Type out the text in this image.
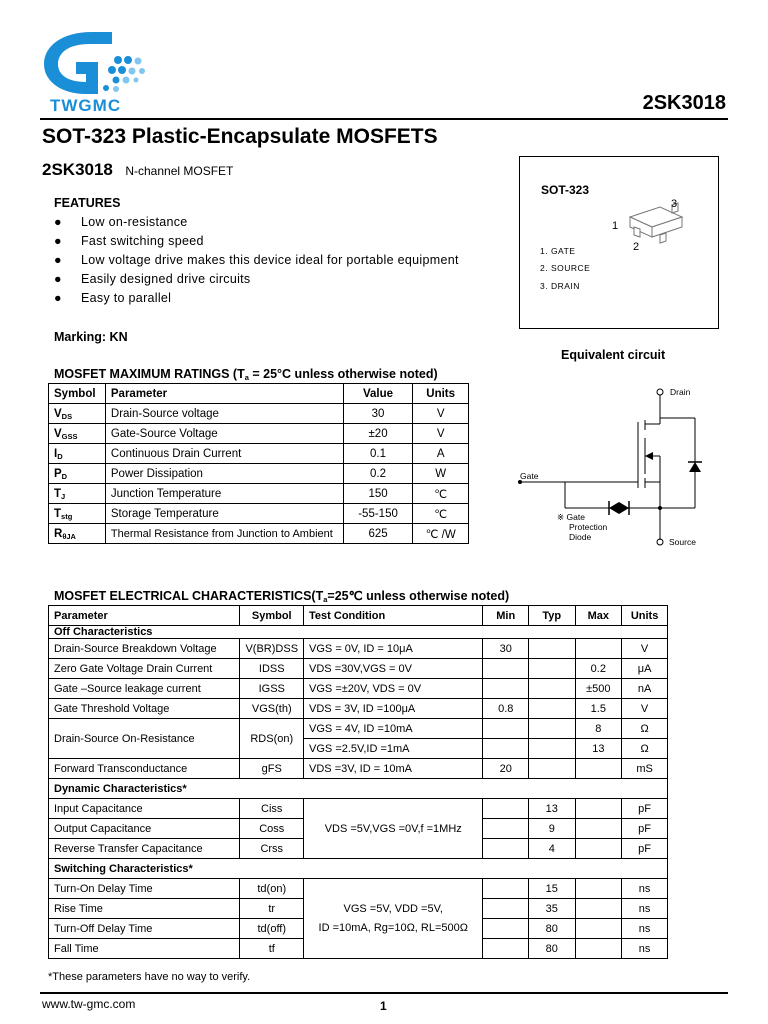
TWGMC	2SK3018
SOT-323 Plastic-Encapsulate MOSFETS
2SK3018 N-channel MOSFET
FEATURES
● Low on-resistance
● Fast switching speed
● Low voltage drive makes this device ideal for portable equipment
● Easily designed drive circuits
● Easy to parallel
Marking: KN
SOT-323
3
1
2
1. GATE
2. SOURCE
3. DRAIN
Equivalent circuit
Drain
Gate
Source
※ Gate
Protection
Diode
MOSFET MAXIMUM RATINGS (Ta = 25°C unless otherwise noted)
Symbol	Parameter	Value	Units
VDS	Drain-Source voltage	30	V
VGSS	Gate-Source Voltage	±20	V
ID	Continuous Drain Current	0.1	A
PD	Power Dissipation	0.2	W
TJ	Junction Temperature	150	℃
Tstg	Storage Temperature	-55-150	℃
RθJA	Thermal Resistance from Junction to Ambient	625	℃ /W
MOSFET ELECTRICAL CHARACTERISTICS(Ta=25℃ unless otherwise noted)
Parameter	Symbol	Test Condition	Min	Typ	Max	Units
Off Characteristics						
Drain-Source Breakdown Voltage	V(BR)DSS	VGS = 0V, ID = 10μA	30			V
Zero Gate Voltage Drain Current	IDSS	VDS =30V,VGS = 0V			0.2	μA
Gate –Source leakage current	IGSS	VGS =±20V, VDS = 0V			±500	nA
Gate Threshold Voltage	VGS(th)	VDS = 3V, ID =100μA	0.8		1.5	V
Drain-Source On-Resistance	RDS(on)	VGS = 4V, ID =10mA			8	Ω
		VGS =2.5V,ID =1mA			13	Ω
Forward Transconductance	gFS	VDS =3V, ID = 10mA	20			mS
Dynamic Characteristics*						
Input Capacitance	Ciss	VDS =5V,VGS =0V,f =1MHz		13		pF
Output Capacitance	Coss			9		pF
Reverse Transfer Capacitance	Crss			4		pF
Switching Characteristics*						
Turn-On Delay Time	td(on)	VGS =5V, VDD =5V,
ID =10mA, Rg=10Ω, RL=500Ω		15		ns
Rise Time	tr			35		ns
Turn-Off Delay Time	td(off)			80		ns
Fall Time	tf			80		ns
*These parameters have no way to verify.
www.tw-gmc.com	1
